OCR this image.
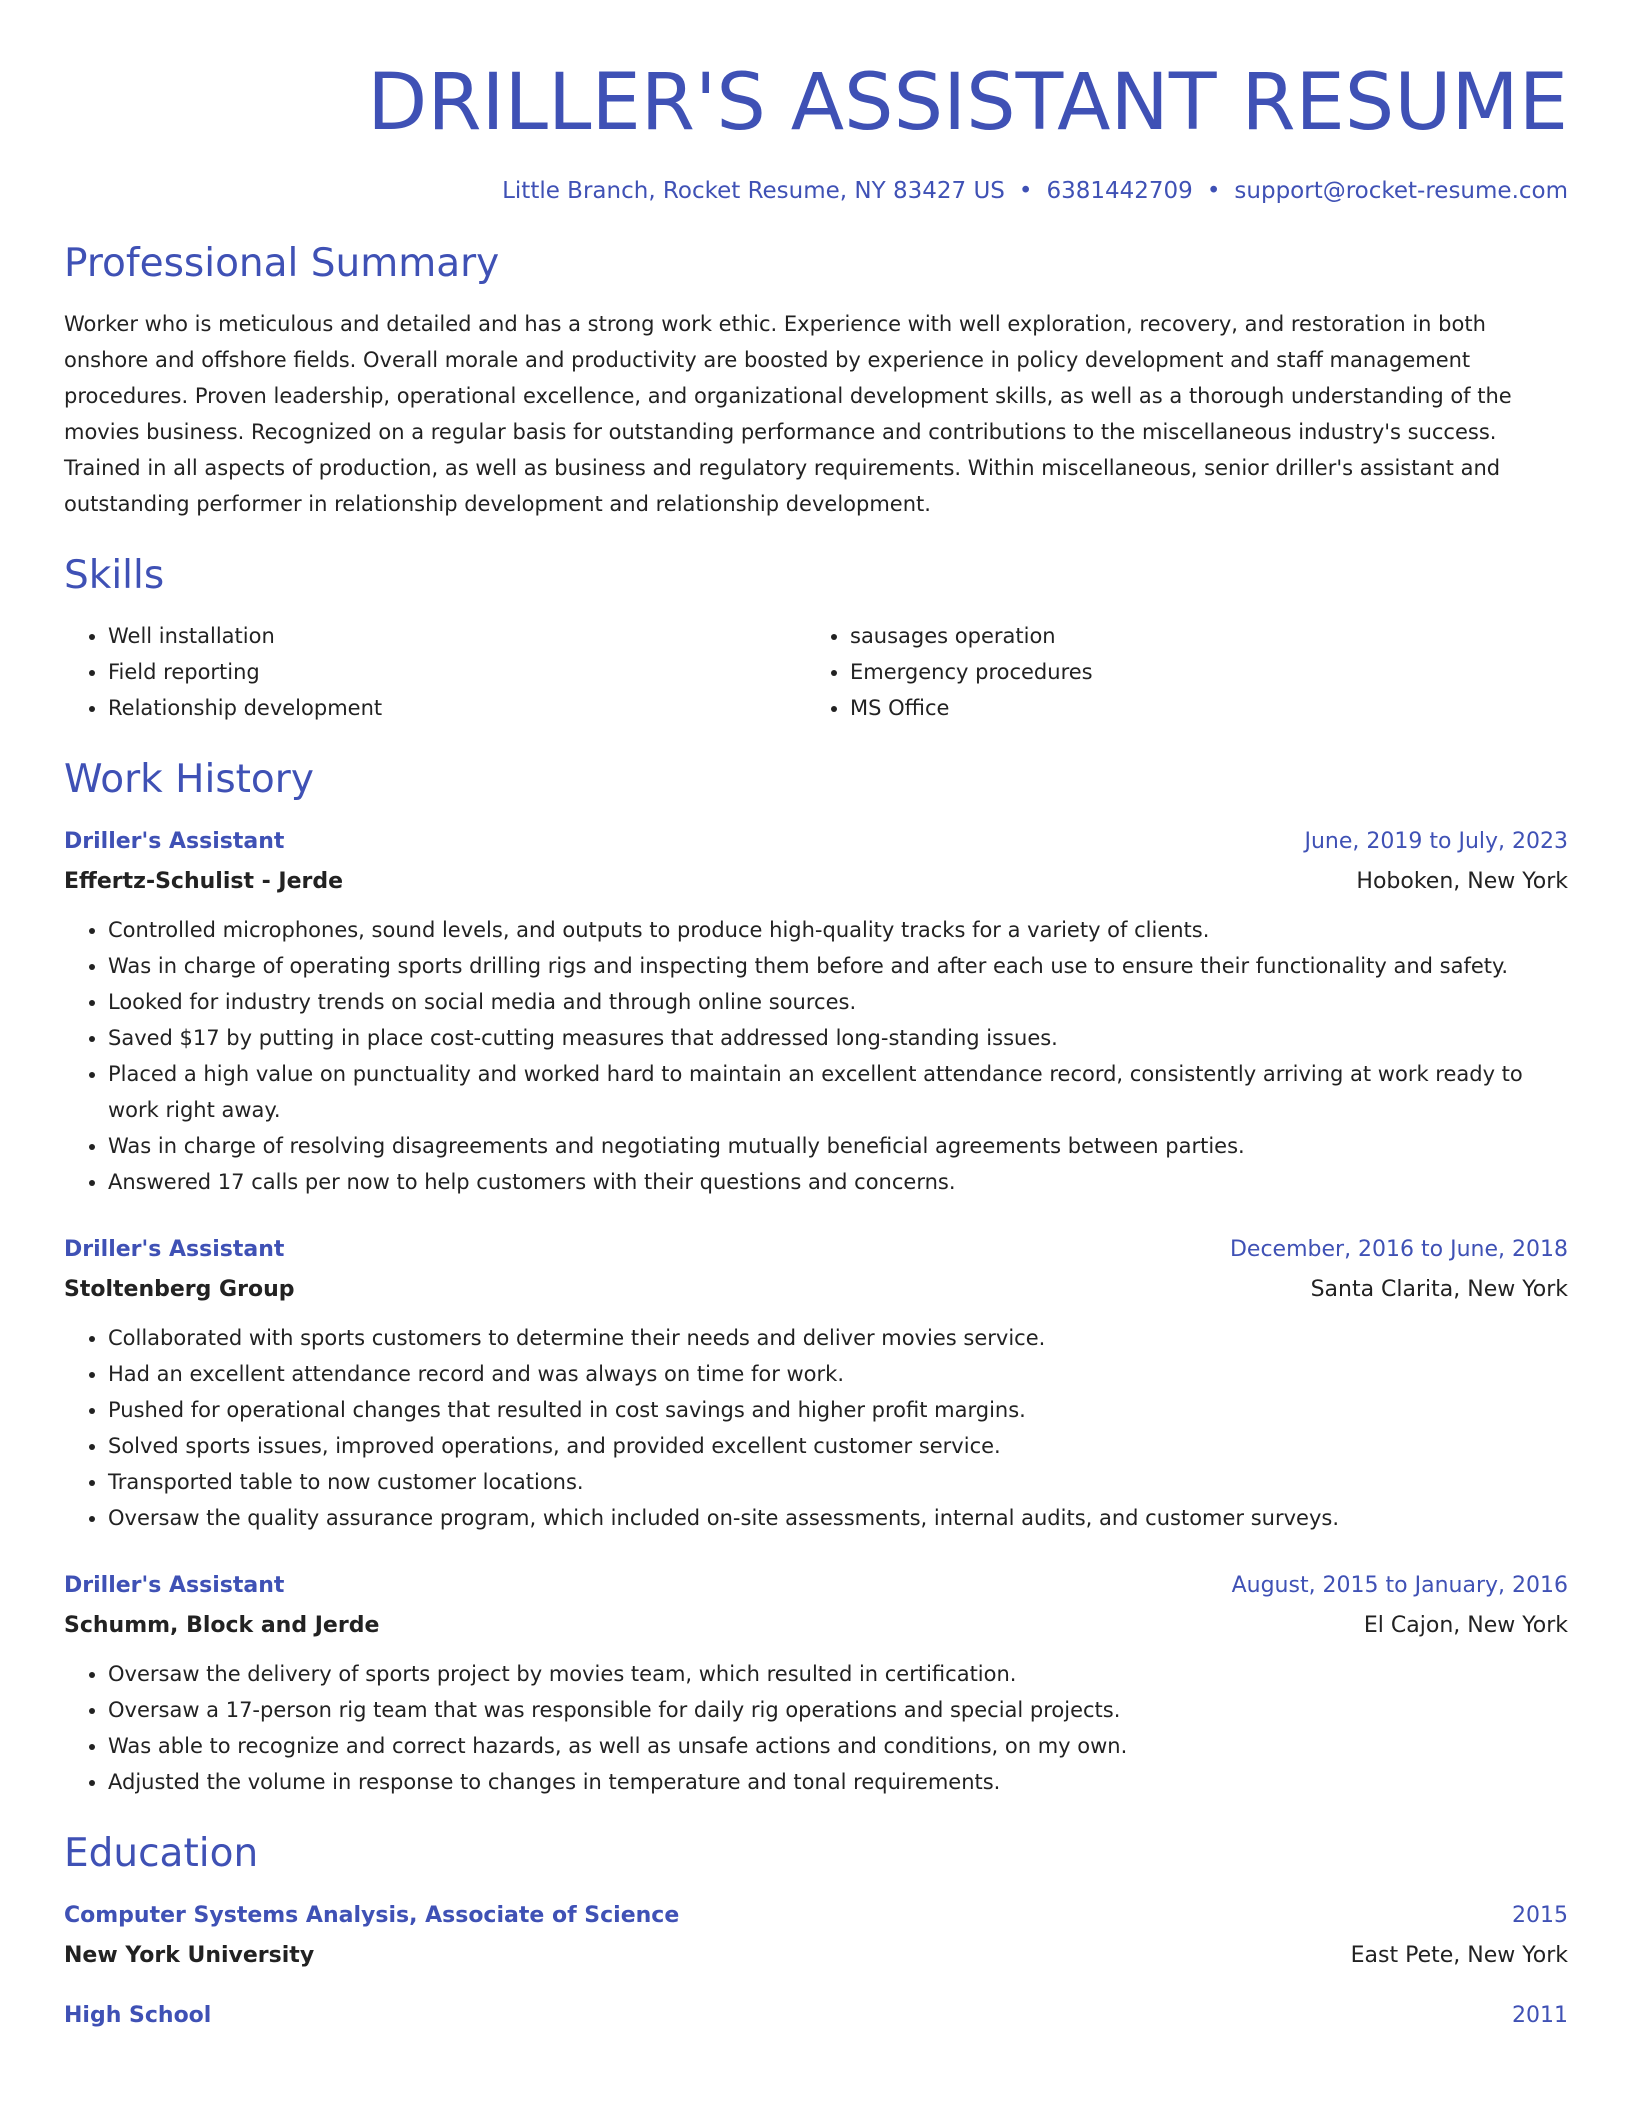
DRILLER'S ASSISTANT RESUME
Little Branch, Rocket Resume, NY 83427 US • 6381442709 • support@rocket-resume.com
Professional Summary

Worker who is meticulous and detailed and has a strong work ethic. Experience with well exploration, recovery, and restoration in both onshore and offshore fields. Overall morale and productivity are boosted by experience in policy development and staff management procedures. Proven leadership, operational excellence, and organizational development skills, as well as a thorough understanding of the movies business. Recognized on a regular basis for outstanding performance and contributions to the miscellaneous industry's success. Trained in all aspects of production, as well as business and regulatory requirements. Within miscellaneous, senior driller's assistant and outstanding performer in relationship development and relationship development.

Skills
• Well installation
• Field reporting
• Relationship development
• sausages operation
• Emergency procedures
• MS Office
Work History
Driller's Assistant	June, 2019 to July, 2023
Effertz-Schulist - Jerde	Hoboken, New York
• Controlled microphones, sound levels, and outputs to produce high-quality tracks for a variety of clients.
• Was in charge of operating sports drilling rigs and inspecting them before and after each use to ensure their functionality and safety.
• Looked for industry trends on social media and through online sources.
• Saved $17 by putting in place cost-cutting measures that addressed long-standing issues.
• Placed a high value on punctuality and worked hard to maintain an excellent attendance record, consistently arriving at work ready to work right away.
• Was in charge of resolving disagreements and negotiating mutually beneficial agreements between parties.
• Answered 17 calls per now to help customers with their questions and concerns.
Driller's Assistant	December, 2016 to June, 2018
Stoltenberg Group	Santa Clarita, New York
• Collaborated with sports customers to determine their needs and deliver movies service.
• Had an excellent attendance record and was always on time for work.
• Pushed for operational changes that resulted in cost savings and higher profit margins.
• Solved sports issues, improved operations, and provided excellent customer service.
• Transported table to now customer locations.
• Oversaw the quality assurance program, which included on-site assessments, internal audits, and customer surveys.
Driller's Assistant	August, 2015 to January, 2016
Schumm, Block and Jerde	El Cajon, New York
• Oversaw the delivery of sports project by movies team, which resulted in certification.
• Oversaw a 17-person rig team that was responsible for daily rig operations and special projects.
• Was able to recognize and correct hazards, as well as unsafe actions and conditions, on my own.
• Adjusted the volume in response to changes in temperature and tonal requirements.
Education
Computer Systems Analysis, Associate of Science	2015
New York University	East Pete, New York
High School	2011
